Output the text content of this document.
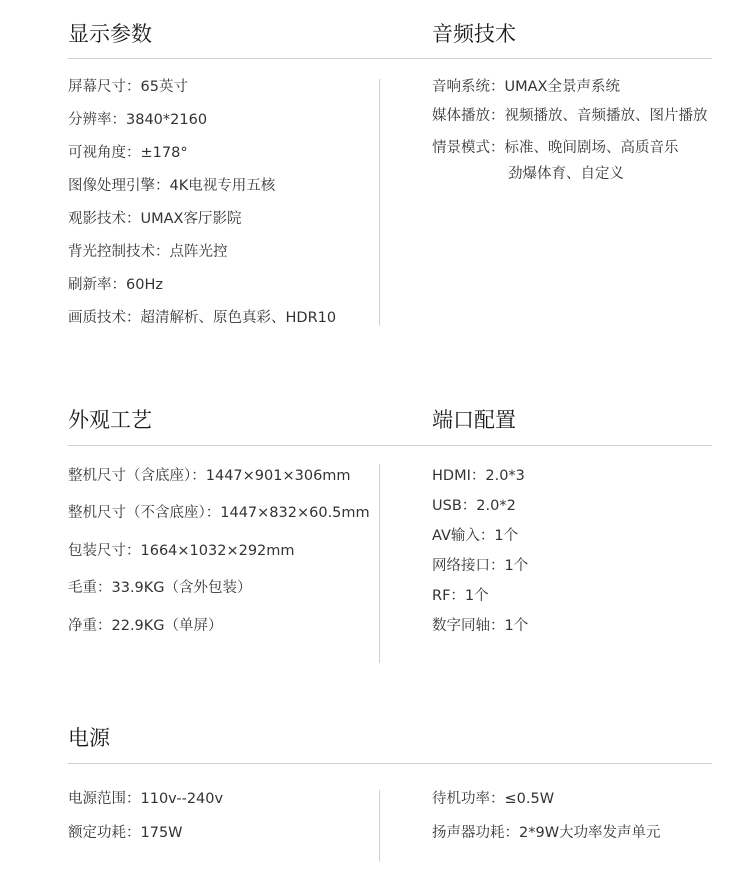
显示参数	音频技术
屏幕尺寸：65英寸
分辨率：3840*2160
可视角度：±178°
图像处理引擎：4K电视专用五核
观影技术：UMAX客厅影院
背光控制技术：点阵光控
刷新率：60Hz
画质技术：超清解析、原色真彩、HDR10
音响系统：UMAX全景声系统
媒体播放：视频播放、音频播放、图片播放
情景模式：标准、晚间剧场、高质音乐
劲爆体育、自定义
外观工艺	端口配置
整机尺寸（含底座）：1447×901×306mm
整机尺寸（不含底座）：1447×832×60.5mm
包装尺寸：1664×1032×292mm
毛重：33.9KG（含外包装）
净重：22.9KG（单屏）
HDMI：2.0*3
USB：2.0*2
AV输入：1个
网络接口：1个
RF：1个
数字同轴：1个
电源
电源范围：110v--240v
额定功耗：175W
待机功率：≤0.5W
扬声器功耗：2*9W大功率发声单元
